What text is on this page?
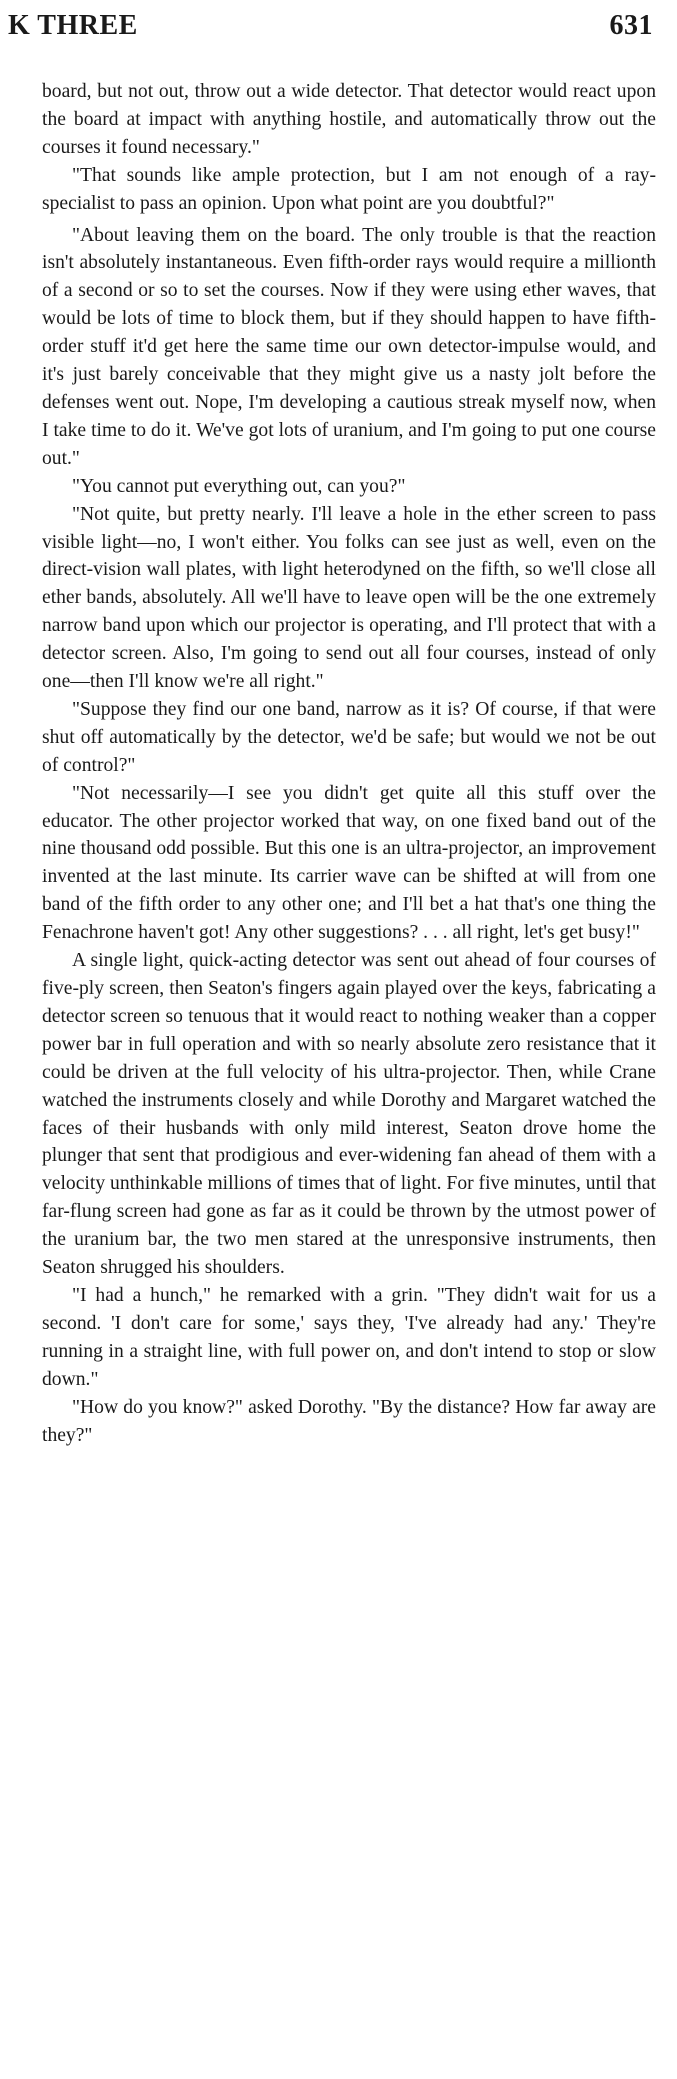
K THREE	631

board, but not out, throw out a wide detector. That detector would react upon the board at impact with anything hostile, and automatically throw out the courses it found necessary."

"That sounds like ample protection, but I am not enough of a ray-specialist to pass an opinion. Upon what point are you doubtful?"

"About leaving them on the board. The only trouble is that the reaction isn't absolutely instantaneous. Even fifth-order rays would require a millionth of a second or so to set the courses. Now if they were using ether waves, that would be lots of time to block them, but if they should happen to have fifth-order stuff it'd get here the same time our own detector-impulse would, and it's just barely conceivable that they might give us a nasty jolt before the defenses went out. Nope, I'm developing a cautious streak myself now, when I take time to do it. We've got lots of uranium, and I'm going to put one course out."

"You cannot put everything out, can you?"

"Not quite, but pretty nearly. I'll leave a hole in the ether screen to pass visible light—no, I won't either. You folks can see just as well, even on the direct-vision wall plates, with light heterodyned on the fifth, so we'll close all ether bands, absolutely. All we'll have to leave open will be the one extremely narrow band upon which our projector is operating, and I'll protect that with a detector screen. Also, I'm going to send out all four courses, instead of only one—then I'll know we're all right."

"Suppose they find our one band, narrow as it is? Of course, if that were shut off automatically by the detector, we'd be safe; but would we not be out of control?"

"Not necessarily—I see you didn't get quite all this stuff over the educator. The other projector worked that way, on one fixed band out of the nine thousand odd possible. But this one is an ultra-projector, an improvement invented at the last minute. Its carrier wave can be shifted at will from one band of the fifth order to any other one; and I'll bet a hat that's one thing the Fenachrone haven't got! Any other suggestions? . . . all right, let's get busy!"

A single light, quick-acting detector was sent out ahead of four courses of five-ply screen, then Seaton's fingers again played over the keys, fabricating a detector screen so tenuous that it would react to nothing weaker than a copper power bar in full operation and with so nearly absolute zero resistance that it could be driven at the full velocity of his ultra-projector. Then, while Crane watched the instruments closely and while Dorothy and Margaret watched the faces of their husbands with only mild interest, Seaton drove home the plunger that sent that prodigious and ever-widening fan ahead of them with a velocity unthinkable millions of times that of light. For five minutes, until that far-flung screen had gone as far as it could be thrown by the utmost power of the uranium bar, the two men stared at the unresponsive instruments, then Seaton shrugged his shoulders.

"I had a hunch," he remarked with a grin. "They didn't wait for us a second. 'I don't care for some,' says they, 'I've already had any.' They're running in a straight line, with full power on, and don't intend to stop or slow down."

"How do you know?" asked Dorothy. "By the distance? How far away are they?"
